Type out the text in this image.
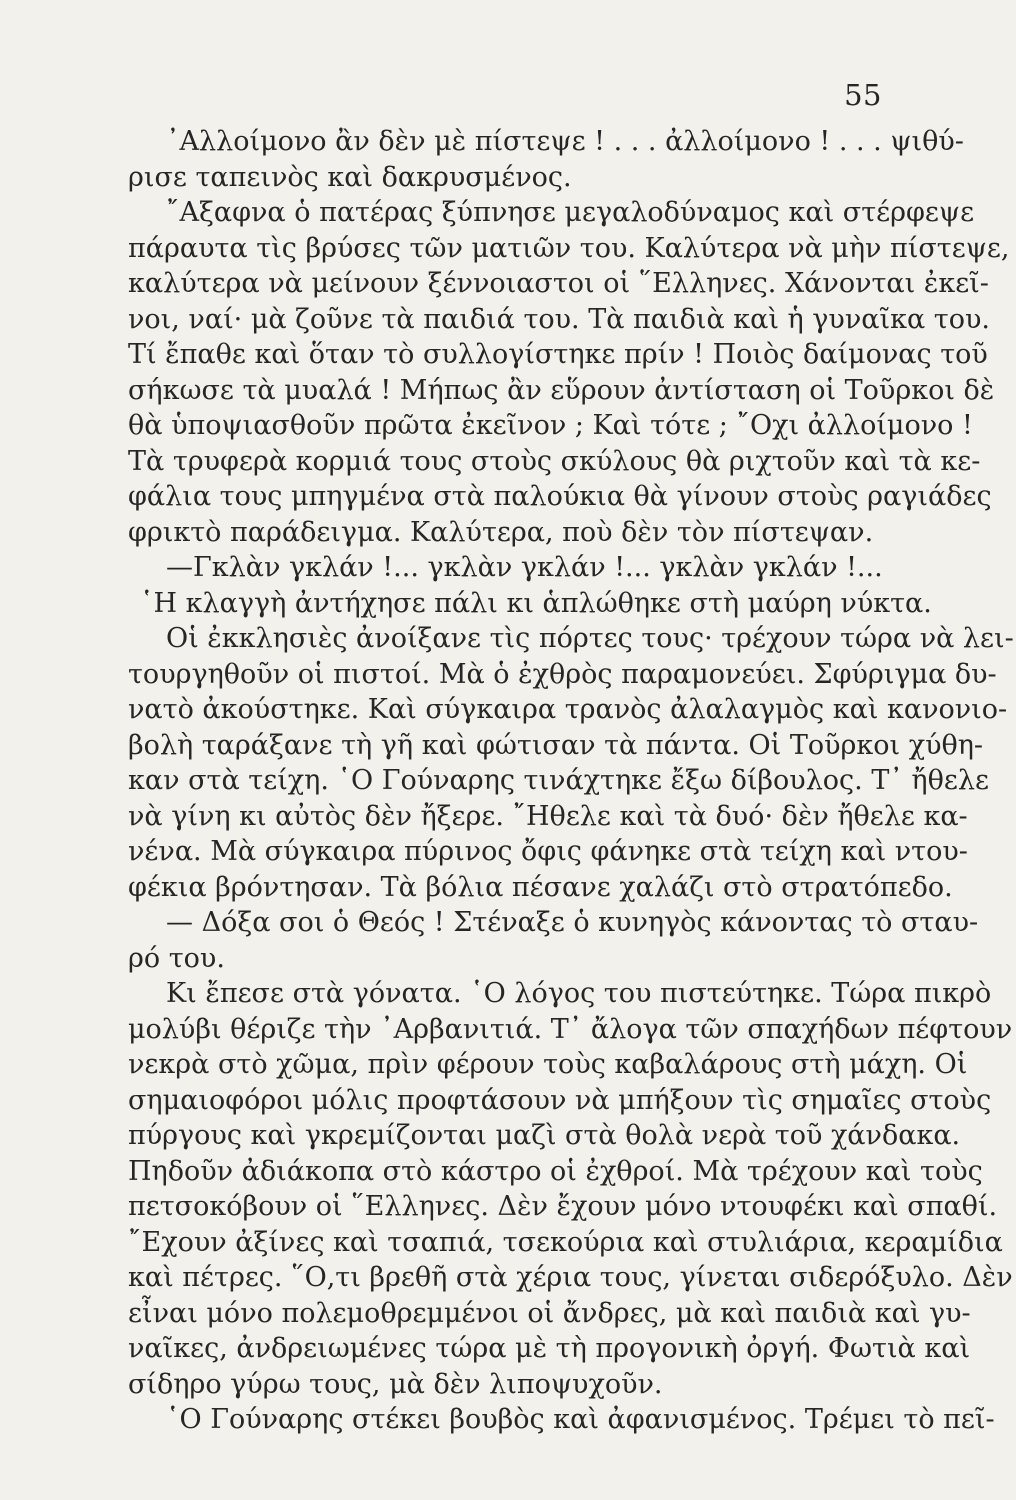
55
᾿Αλλοίμονο ἂν δὲν μὲ πίστεψε ! . . . ἀλλοίμονο ! . . . ψιθύ-
ρισε ταπεινὸς καὶ δακρυσμένος.
῎Αξαφνα ὁ πατέρας ξύπνησε μεγαλοδύναμος καὶ στέρφεψε
πάραυτα τὶς βρύσες τῶν ματιῶν του. Καλύτερα νὰ μὴν πίστεψε,
καλύτερα νὰ μείνουν ξέννοιαστοι οἱ ῞Ελληνες. Χάνονται ἐκεῖ-
νοι, ναί· μὰ ζοῦνε τὰ παιδιά του. Τὰ παιδιὰ καὶ ἡ γυναῖκα του.
Τί ἔπαθε καὶ ὅταν τὸ συλλογίστηκε πρίν ! Ποιὸς δαίμονας τοῦ
σήκωσε τὰ μυαλά ! Μήπως ἂν εὕρουν ἀντίσταση οἱ Τοῦρκοι δὲ
θὰ ὑποψιασθοῦν πρῶτα ἐκεῖνον ; Καὶ τότε ; ῎Οχι ἀλλοίμονο !
Τὰ τρυφερὰ κορμιά τους στοὺς σκύλους θὰ ριχτοῦν καὶ τὰ κε-
φάλια τους μπηγμένα στὰ παλούκια θὰ γίνουν στοὺς ραγιάδες
φρικτὸ παράδειγμα. Καλύτερα, ποὺ δὲν τὸν πίστεψαν.
—Γκλὰν γκλάν !... γκλὰν γκλάν !... γκλὰν γκλάν !...
῾Η κλαγγὴ ἀντήχησε πάλι κι ἁπλώθηκε στὴ μαύρη νύκτα.
Οἱ ἐκκλησιὲς ἀνοίξανε τὶς πόρτες τους· τρέχουν τώρα νὰ λει-
τουργηθοῦν οἱ πιστοί. Μὰ ὁ ἐχθρὸς παραμονεύει. Σφύριγμα δυ-
νατὸ ἀκούστηκε. Καὶ σύγκαιρα τρανὸς ἀλαλαγμὸς καὶ κανονιο-
βολὴ ταράξανε τὴ γῆ καὶ φώτισαν τὰ πάντα. Οἱ Τοῦρκοι χύθη-
καν στὰ τείχη. ῾Ο Γούναρης τινάχτηκε ἔξω δίβουλος. Τ᾿ ἤθελε
νὰ γίνη κι αὐτὸς δὲν ἤξερε. ῎Ηθελε καὶ τὰ δυό· δὲν ἤθελε κα-
νένα. Μὰ σύγκαιρα πύρινος ὄφις φάνηκε στὰ τείχη καὶ ντου-
φέκια βρόντησαν. Τὰ βόλια πέσανε χαλάζι στὸ στρατόπεδο.
— Δόξα σοι ὁ Θεός ! Στέναξε ὁ κυνηγὸς κάνοντας τὸ σταυ-
ρό του.
Κι ἔπεσε στὰ γόνατα. ῾Ο λόγος του πιστεύτηκε. Τώρα πικρὸ
μολύβι θέριζε τὴν ᾿Αρβανιτιά. Τ᾿ ἄλογα τῶν σπαχήδων πέφτουν
νεκρὰ στὸ χῶμα, πρὶν φέρουν τοὺς καβαλάρους στὴ μάχη. Οἱ
σημαιοφόροι μόλις προφτάσουν νὰ μπήξουν τὶς σημαῖες στοὺς
πύργους καὶ γκρεμίζονται μαζὶ στὰ θολὰ νερὰ τοῦ χάνδακα.
Πηδοῦν ἀδιάκοπα στὸ κάστρο οἱ ἐχθροί. Μὰ τρέχουν καὶ τοὺς
πετσοκόβουν οἱ ῞Ελληνες. Δὲν ἔχουν μόνο ντουφέκι καὶ σπαθί.
῎Εχουν ἀξίνες καὶ τσαπιά, τσεκούρια καὶ στυλιάρια, κεραμίδια
καὶ πέτρες. ῞Ο,τι βρεθῆ στὰ χέρια τους, γίνεται σιδερόξυλο. Δὲν
εἶναι μόνο πολεμοθρεμμένοι οἱ ἄνδρες, μὰ καὶ παιδιὰ καὶ γυ-
ναῖκες, ἀνδρειωμένες τώρα μὲ τὴ προγονικὴ ὀργή. Φωτιὰ καὶ
σίδηρο γύρω τους, μὰ δὲν λιποψυχοῦν.
῾Ο Γούναρης στέκει βουβὸς καὶ ἀφανισμένος. Τρέμει τὸ πεῖ-
